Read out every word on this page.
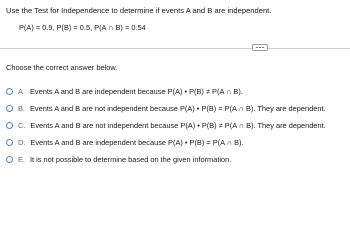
Use the Test for Independence to determine if events A and B are independent.
P(A) = 0.9, P(B) = 0.5, P(A ∩ B) = 0.54
Choose the correct answer below.
A. Events A and B are independent because P(A) • P(B) ≠ P(A ∩ B).
B. Events A and B are not independent because P(A) • P(B) = P(A ∩ B). They are dependent.
C. Events A and B are not independent because P(A) • P(B) ≠ P(A ∩ B). They are dependent.
D. Events A and B are independent because P(A) • P(B) = P(A ∩ B).
E. It is not possible to determine based on the given information.
